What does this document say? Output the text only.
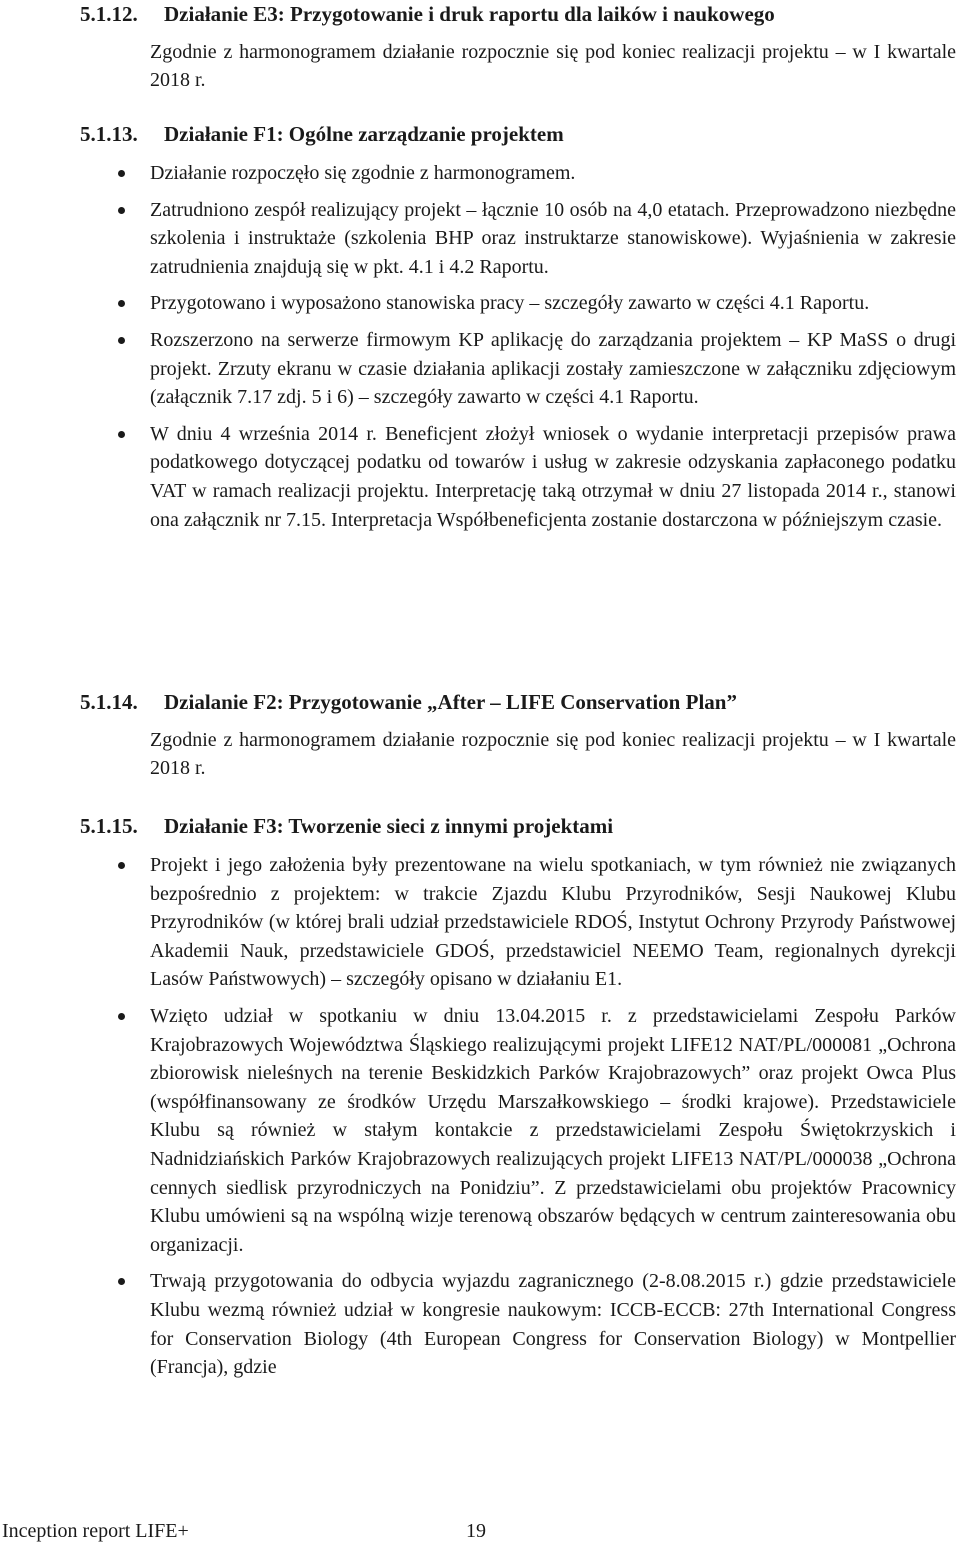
5.1.12. Działanie E3: Przygotowanie i druk raportu dla laików i naukowego
Zgodnie z harmonogramem działanie rozpocznie się pod koniec realizacji projektu – w I kwartale 2018 r.
5.1.13. Działanie F1: Ogólne zarządzanie projektem
Działanie rozpoczęło się zgodnie z harmonogramem.
Zatrudniono zespół realizujący projekt – łącznie 10 osób na 4,0 etatach. Przeprowadzono niezbędne szkolenia i instruktaże (szkolenia BHP oraz instruktarze stanowiskowe). Wyjaśnienia w zakresie zatrudnienia znajdują się w pkt. 4.1 i 4.2 Raportu.
Przygotowano i wyposażono stanowiska pracy – szczegóły zawarto w części 4.1 Raportu.
Rozszerzono na serwerze firmowym KP aplikację do zarządzania projektem – KP MaSS o drugi projekt. Zrzuty ekranu w czasie działania aplikacji zostały zamieszczone w załączniku zdjęciowym (załącznik 7.17 zdj. 5 i 6) – szczegóły zawarto w części 4.1 Raportu.
W dniu 4 września 2014 r. Beneficjent złożył wniosek o wydanie interpretacji przepisów prawa podatkowego dotyczącej podatku od towarów i usług w zakresie odzyskania zapłaconego podatku VAT w ramach realizacji projektu. Interpretację taką otrzymał w dniu 27 listopada 2014 r., stanowi ona załącznik nr 7.15. Interpretacja Współbeneficjenta zostanie dostarczona w późniejszym czasie.
5.1.14. Dzialanie F2: Przygotowanie „After – LIFE Conservation Plan”
Zgodnie z harmonogramem działanie rozpocznie się pod koniec realizacji projektu – w I kwartale 2018 r.
5.1.15. Działanie F3: Tworzenie sieci z innymi projektami
Projekt i jego założenia były prezentowane na wielu spotkaniach, w tym również nie związanych bezpośrednio z projektem: w trakcie Zjazdu Klubu Przyrodników, Sesji Naukowej Klubu Przyrodników (w której brali udział przedstawiciele RDOŚ, Instytut Ochrony Przyrody Państwowej Akademii Nauk, przedstawiciele GDOŚ, przedstawiciel NEEMO Team, regionalnych dyrekcji Lasów Państwowych) – szczegóły opisano w działaniu E1.
Wzięto udział w spotkaniu w dniu 13.04.2015 r. z przedstawicielami Zespołu Parków Krajobrazowych Województwa Śląskiego realizującymi projekt LIFE12 NAT/PL/000081 „Ochrona zbiorowisk nieleśnych na terenie Beskidzkich Parków Krajobrazowych” oraz projekt Owca Plus (współfinansowany ze środków Urzędu Marszałkowskiego – środki krajowe). Przedstawiciele Klubu są również w stałym kontakcie z przedstawicielami Zespołu Świętokrzyskich i Nadnidziańskich Parków Krajobrazowych realizujących projekt LIFE13 NAT/PL/000038 „Ochrona cennych siedlisk przyrodniczych na Ponidziu”. Z przedstawicielami obu projektów Pracownicy Klubu umówieni są na wspólną wizje terenową obszarów będących w centrum zainteresowania obu organizacji.
Trwają przygotowania do odbycia wyjazdu zagranicznego (2-8.08.2015 r.) gdzie przedstawiciele Klubu wezmą również udział w kongresie naukowym: ICCB-ECCB: 27th International Congress for Conservation Biology (4th European Congress for Conservation Biology) w Montpellier (Francja), gdzie
Inception report LIFE+	19
